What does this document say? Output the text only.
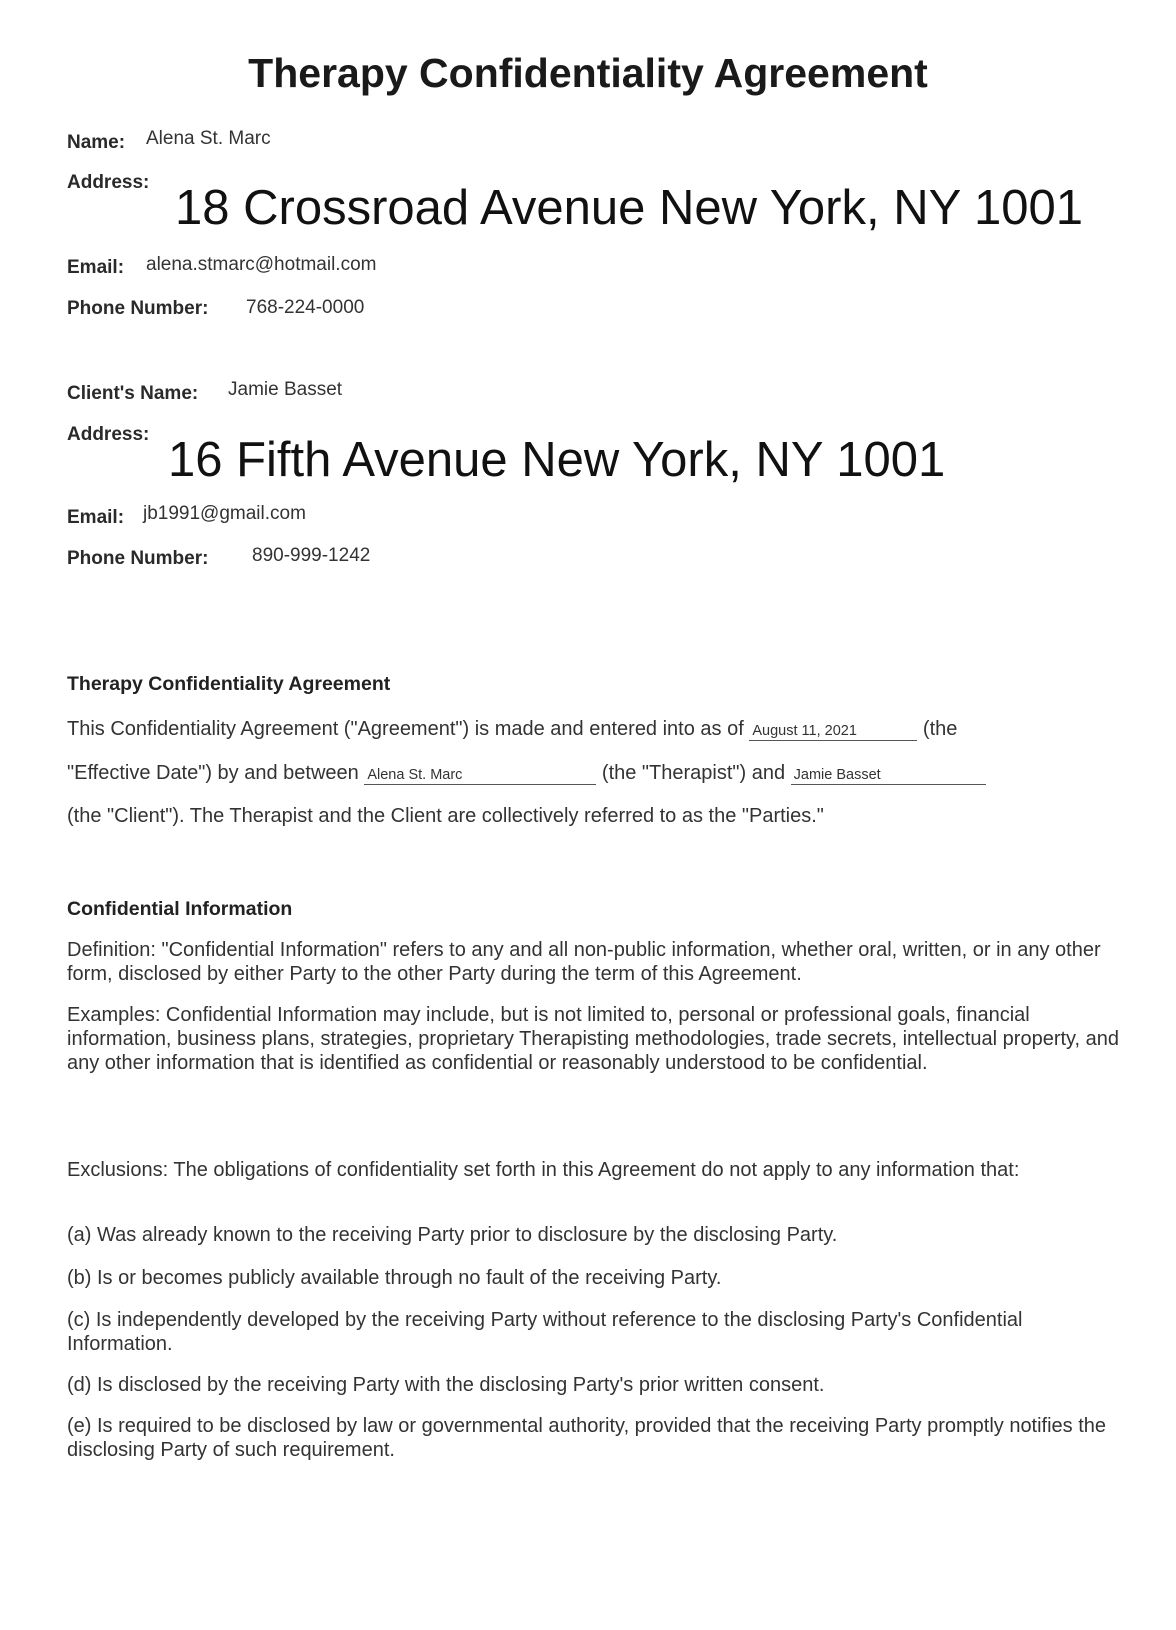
Therapy Confidentiality Agreement
Name: Alena St. Marc
Address: 18 Crossroad Avenue New York, NY 1001
Email: alena.stmarc@hotmail.com
Phone Number: 768-224-0000
Client's Name: Jamie Basset
Address: 16 Fifth Avenue New York, NY 1001
Email: jb1991@gmail.com
Phone Number: 890-999-1242
Therapy Confidentiality Agreement
This Confidentiality Agreement ("Agreement") is made and entered into as of August 11, 2021	(the
"Effective Date") by and between Alena St. Marc	(the "Therapist") and Jamie Basset
(the "Client"). The Therapist and the Client are collectively referred to as the "Parties."
Confidential Information
Definition: "Confidential Information" refers to any and all non-public information, whether oral, written, or in any other form, disclosed by either Party to the other Party during the term of this Agreement.
Examples: Confidential Information may include, but is not limited to, personal or professional goals, financial information, business plans, strategies, proprietary Therapisting methodologies, trade secrets, intellectual property, and any other information that is identified as confidential or reasonably understood to be confidential.
Exclusions: The obligations of confidentiality set forth in this Agreement do not apply to any information that:
(a) Was already known to the receiving Party prior to disclosure by the disclosing Party.
(b) Is or becomes publicly available through no fault of the receiving Party.
(c) Is independently developed by the receiving Party without reference to the disclosing Party's Confidential Information.
(d) Is disclosed by the receiving Party with the disclosing Party's prior written consent.
(e) Is required to be disclosed by law or governmental authority, provided that the receiving Party promptly notifies the disclosing Party of such requirement.
